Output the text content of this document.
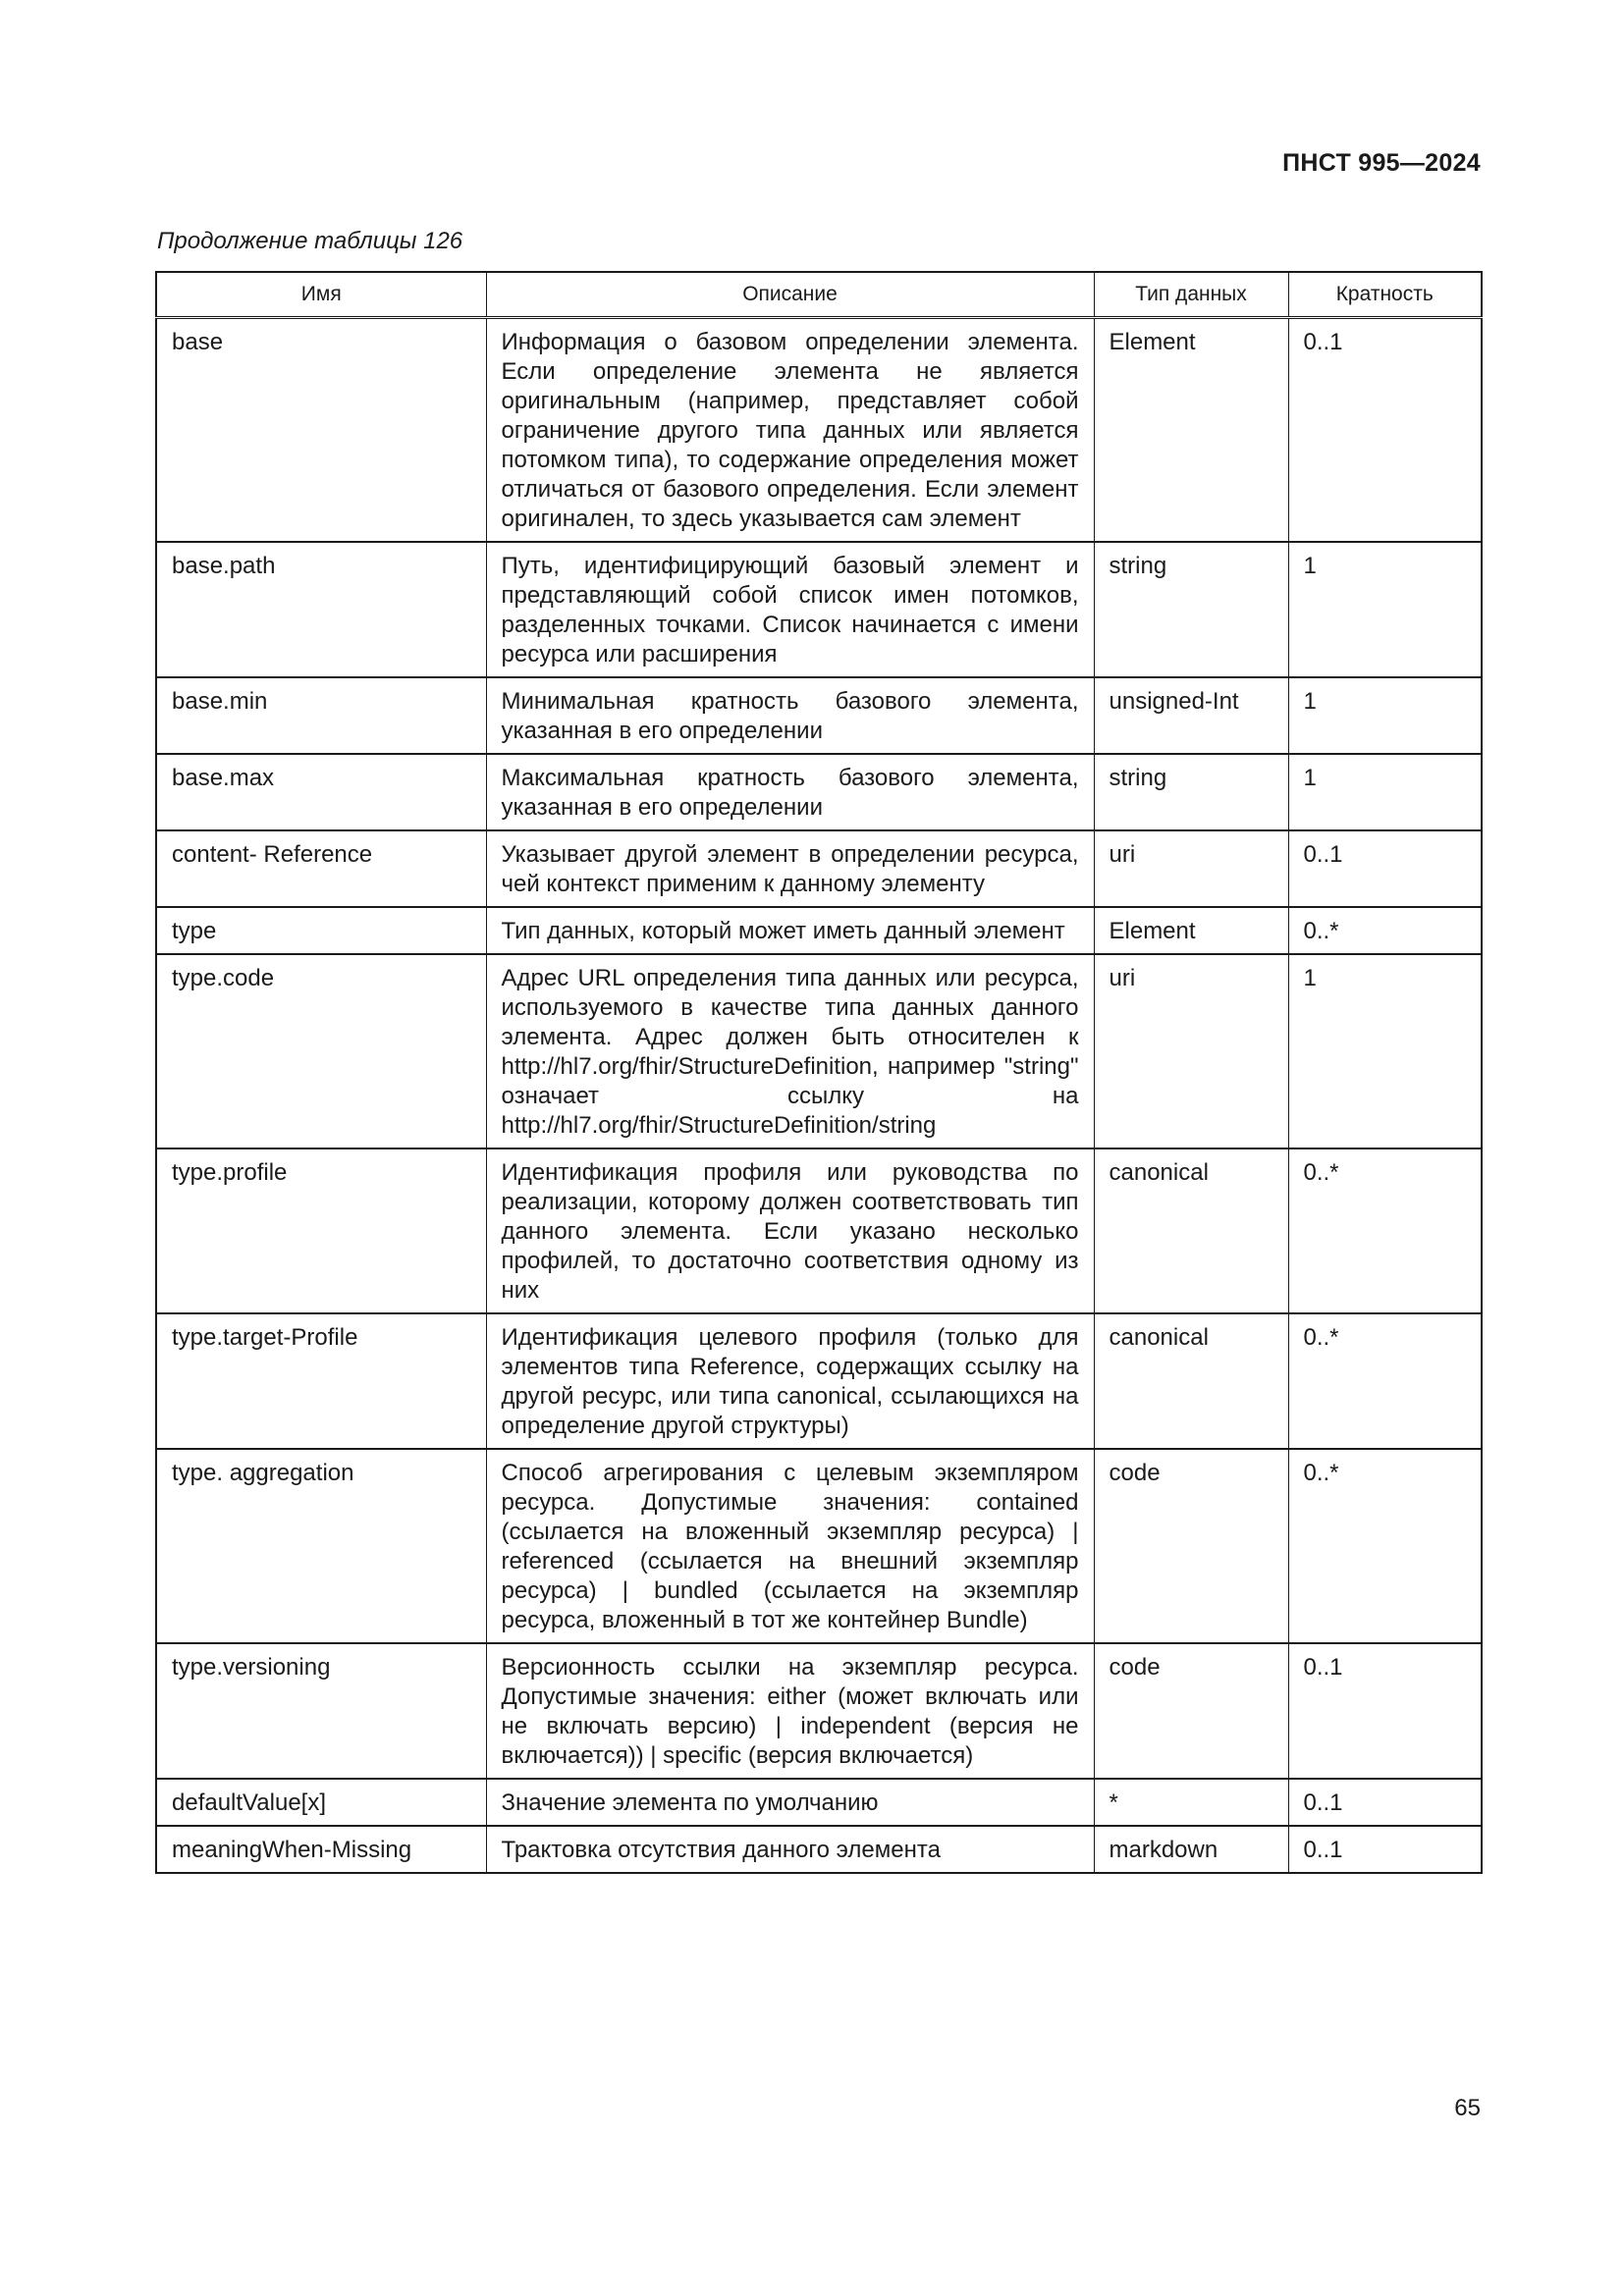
ПНСТ 995—2024
Продолжение таблицы 126
Имя	Описание	Тип данных	Кратность
base	Информация о базовом определении элемента. Если определение элемента не является оригинальным (например, представляет собой ограничение другого типа данных или является потомком типа), то содержание определения может отличаться от базового определения. Если элемент оригинален, то здесь указывается сам элемент	Element	0..1
base.path	Путь, идентифицирующий базовый элемент и представляющий собой список имен потомков, разделенных точками. Список начинается с имени ресурса или расширения	string	1
base.min	Минимальная кратность базового элемента, указанная в его определении	unsigned-Int	1
base.max	Максимальная кратность базового элемента, указанная в его определении	string	1
content- Reference	Указывает другой элемент в определении ресурса, чей контекст применим к данному элементу	uri	0..1
type	Тип данных, который может иметь данный элемент	Element	0..*
type.code	Адрес URL определения типа данных или ресурса, используемого в качестве типа данных данного элемента. Адрес должен быть относителен к http://hl7.org/fhir/StructureDefinition, например "string" означает ссылку на http://hl7.org/fhir/StructureDefinition/string	uri	1
type.profile	Идентификация профиля или руководства по реализации, которому должен соответствовать тип данного элемента. Если указано несколько профилей, то достаточно соответствия одному из них	canonical	0..*
type.target-Profile	Идентификация целевого профиля (только для элементов типа Reference, содержащих ссылку на другой ресурс, или типа canonical, ссылающихся на определение другой структуры)	canonical	0..*
type. aggregation	Способ агрегирования с целевым экземпляром ресурса. Допустимые значения: contained (ссылается на вложенный экземпляр ресурса) | referenced (ссылается на внешний экземпляр ресурса) | bundled (ссылается на экземпляр ресурса, вложенный в тот же контейнер Bundle)	code	0..*
type.versioning	Версионность ссылки на экземпляр ресурса. Допустимые значения: either (может включать или не включать версию) | independent (версия не включается)) | specific (версия включается)	code	0..1
defaultValue[x]	Значение элемента по умолчанию	*	0..1
meaningWhen-Missing	Трактовка отсутствия данного элемента	markdown	0..1
65
